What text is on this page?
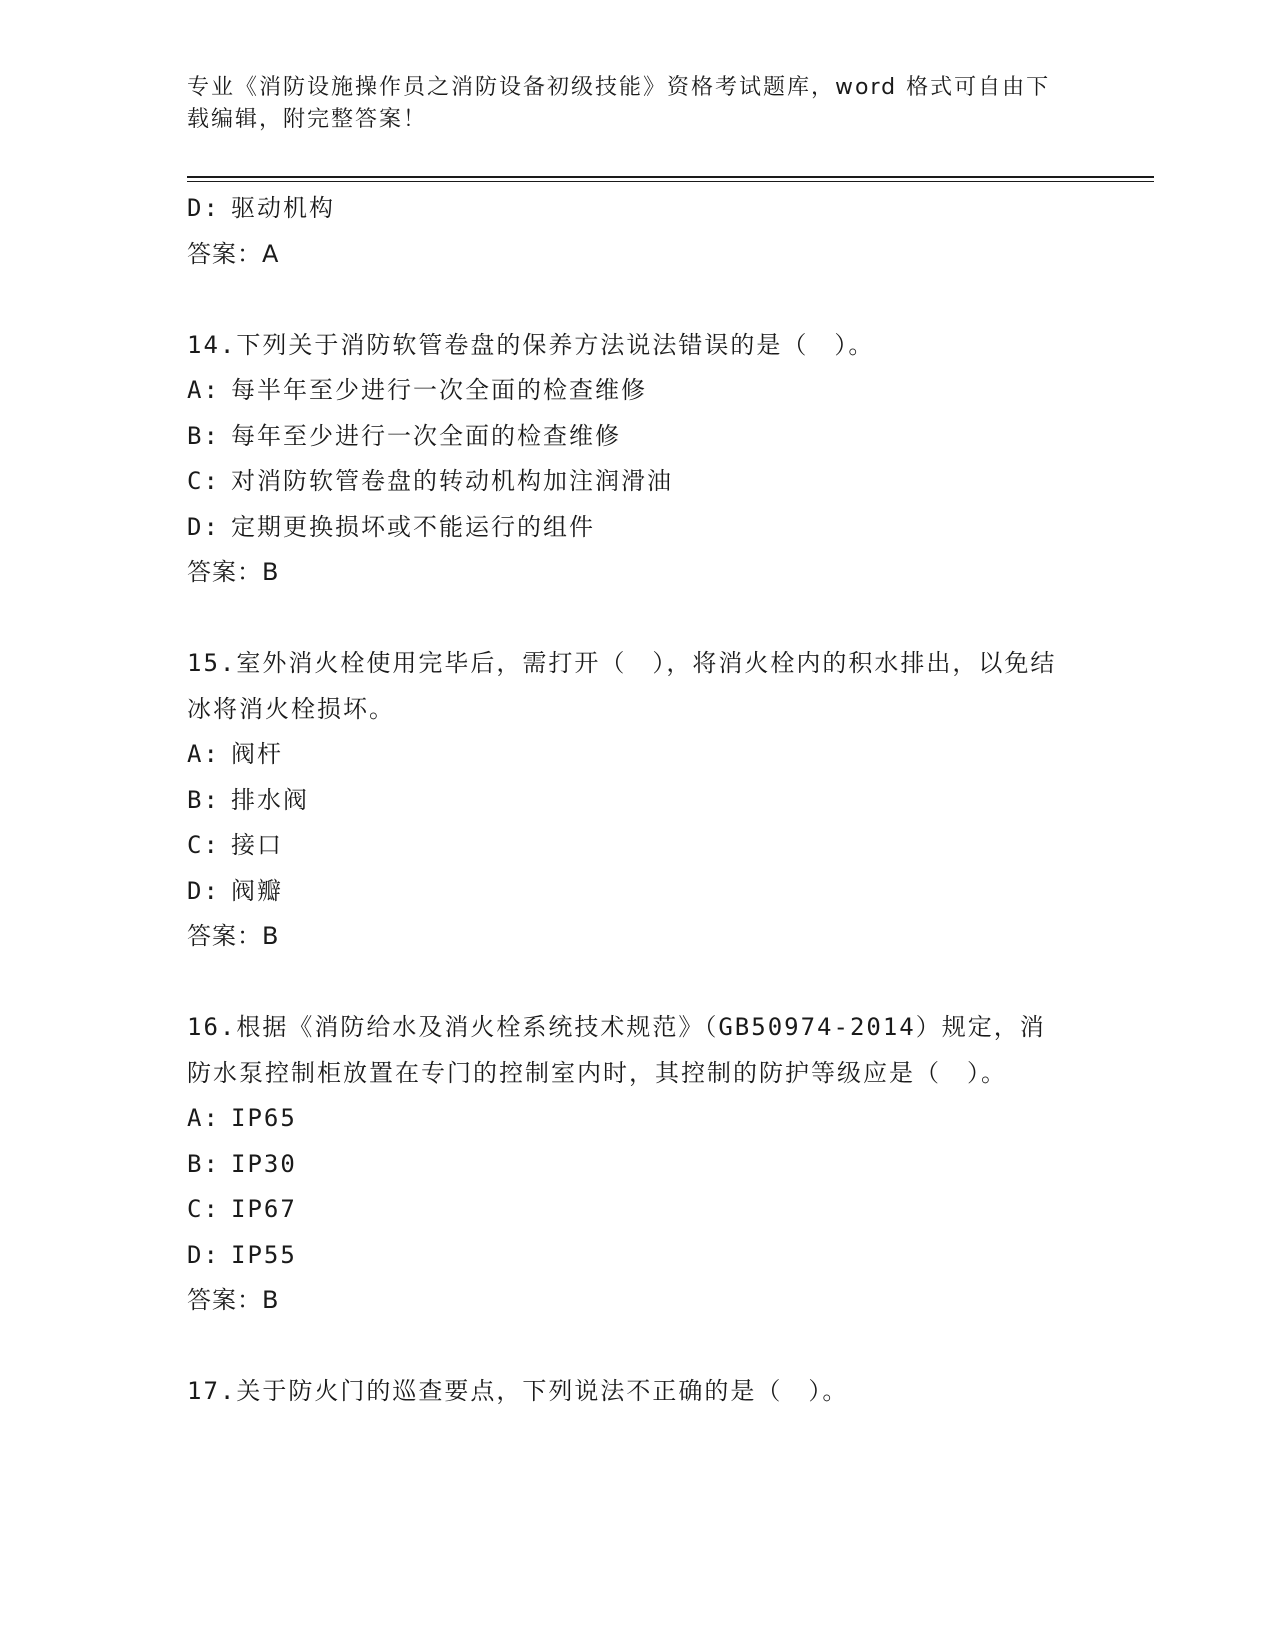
专业《消防设施操作员之消防设备初级技能》资格考试题库，word 格式可自由下载编辑，附完整答案！
D: 驱动机构
答案：A
14.下列关于消防软管卷盘的保养方法说法错误的是（　）。
A: 每半年至少进行一次全面的检查维修
B: 每年至少进行一次全面的检查维修
C: 对消防软管卷盘的转动机构加注润滑油
D: 定期更换损坏或不能运行的组件
答案：B
15.室外消火栓使用完毕后，需打开（　），将消火栓内的积水排出，以免结冰将消火栓损坏。
A: 阀杆
B: 排水阀
C: 接口
D: 阀瓣
答案：B
16.根据《消防给水及消火栓系统技术规范》（GB50974-2014）规定，消防水泵控制柜放置在专门的控制室内时，其控制的防护等级应是（　）。
A: IP65
B: IP30
C: IP67
D: IP55
答案：B
17.关于防火门的巡查要点，下列说法不正确的是（　）。
